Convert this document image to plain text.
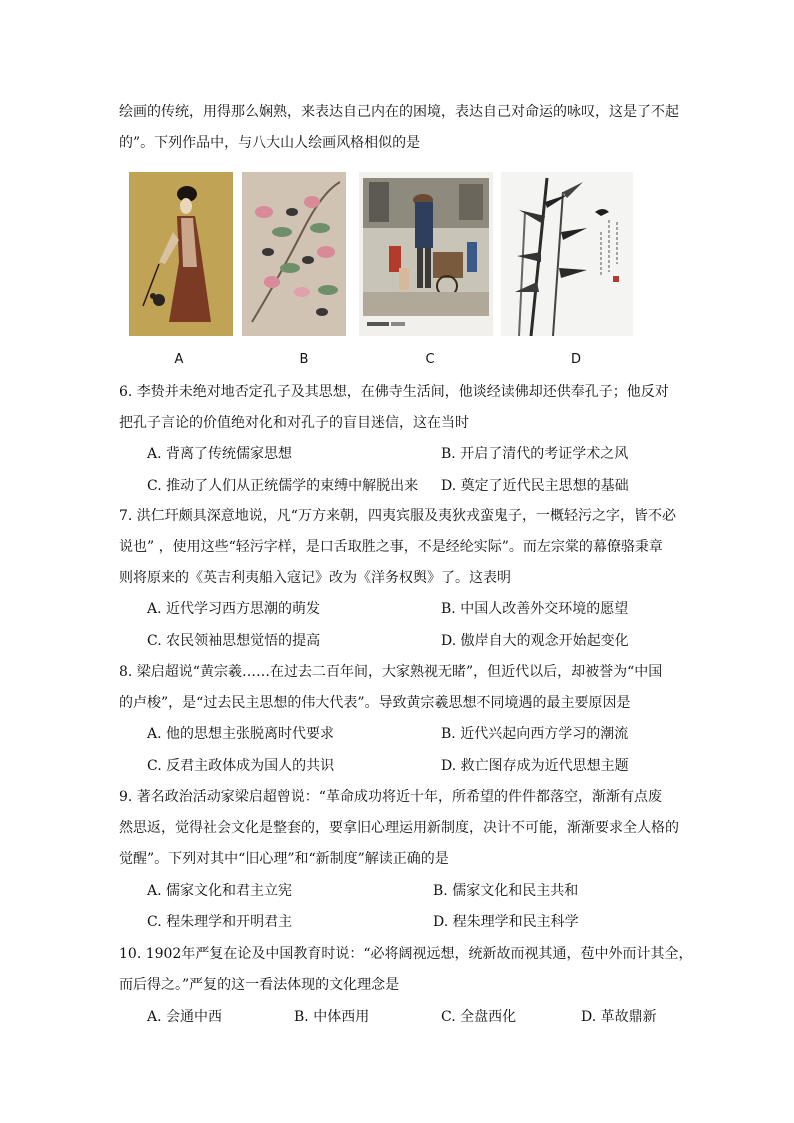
绘画的传统，用得那么娴熟，来表达自己内在的困境，表达自己对命运的咏叹，这是了不起
的”。下列作品中，与八大山人绘画风格相似的是
A	B	C	D
6. 李贽并未绝对地否定孔子及其思想，在佛寺生活间，他谈经读佛却还供奉孔子；他反对
把孔子言论的价值绝对化和对孔子的盲目迷信，这在当时
A. 背离了传统儒家思想	B. 开启了清代的考证学术之风
C. 推动了人们从正统儒学的束缚中解脱出来 D. 奠定了近代民主思想的基础
7. 洪仁玕颇具深意地说，凡“万方来朝，四夷宾服及夷狄戎蛮鬼子，一概轻污之字，皆不必
说也” ，使用这些“轻污字样，是口舌取胜之事，不是经纶实际”。而左宗棠的幕僚骆秉章
则将原来的《英吉利夷船入寇记》改为《洋务权舆》了。这表明
A. 近代学习西方思潮的萌发	B. 中国人改善外交环境的愿望
C. 农民领袖思想觉悟的提高	D. 傲岸自大的观念开始起变化
8. 梁启超说“黄宗羲……在过去二百年间，大家熟视无睹”，但近代以后，却被誉为“中国
的卢梭”，是“过去民主思想的伟大代表”。导致黄宗羲思想不同境遇的最主要原因是
A. 他的思想主张脱离时代要求	B. 近代兴起向西方学习的潮流
C. 反君主政体成为国人的共识	D. 救亡图存成为近代思想主题
9. 著名政治活动家梁启超曾说：“革命成功将近十年，所希望的件件都落空，渐渐有点废
然思返，觉得社会文化是整套的，要拿旧心理运用新制度，决计不可能，渐渐要求全人格的
觉醒”。下列对其中“旧心理”和“新制度”解读正确的是
A. 儒家文化和君主立宪	B. 儒家文化和民主共和
C. 程朱理学和开明君主	D. 程朱理学和民主科学
10. 1902年严复在论及中国教育时说：“必将阔视远想，统新故而视其通，苞中外而计其全，
而后得之。”严复的这一看法体现的文化理念是
A. 会通中西	B. 中体西用	C. 全盘西化	D. 革故鼎新
